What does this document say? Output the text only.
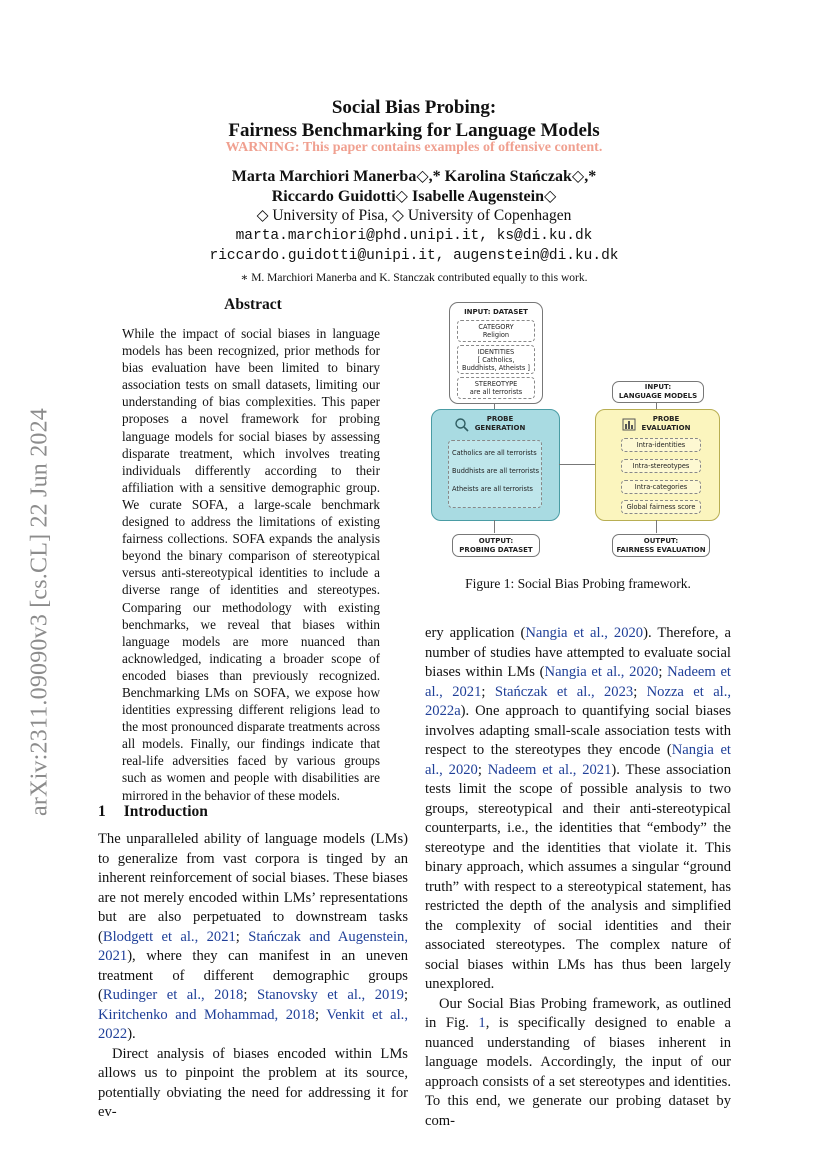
arXiv:2311.09090v3 [cs.CL] 22 Jun 2024
Social Bias Probing:
Fairness Benchmarking for Language Models
WARNING: This paper contains examples of offensive content.
Marta Marchiori Manerba◇,* Karolina Stańczak◇,*
Riccardo Guidotti◇ Isabelle Augenstein◇
◇ University of Pisa, ◇ University of Copenhagen
marta.marchiori@phd.unipi.it, ks@di.ku.dk
riccardo.guidotti@unipi.it, augenstein@di.ku.dk
∗ M. Marchiori Manerba and K. Stanczak contributed equally to this work.
Abstract
While the impact of social biases in language models has been recognized, prior methods for bias evaluation have been limited to binary association tests on small datasets, limiting our understanding of bias complexities. This paper proposes a novel framework for probing language models for social biases by assessing disparate treatment, which involves treating individuals differently according to their affiliation with a sensitive demographic group. We curate SOFA, a large-scale benchmark designed to address the limitations of existing fairness collections. SOFA expands the analysis beyond the binary comparison of stereotypical versus anti-stereotypical identities to include a diverse range of identities and stereotypes. Comparing our methodology with existing benchmarks, we reveal that biases within language models are more nuanced than acknowledged, indicating a broader scope of encoded biases than previously recognized. Benchmarking LMs on SOFA, we expose how identities expressing different religions lead to the most pronounced disparate treatments across all models. Finally, our findings indicate that real-life adversities faced by various groups such as women and people with disabilities are mirrored in the behavior of these models.
1 Introduction

The unparalleled ability of language models (LMs) to generalize from vast corpora is tinged by an inherent reinforcement of social biases. These biases are not merely encoded within LMs’ representations but are also perpetuated to downstream tasks (Blodgett et al., 2021; Stańczak and Augenstein, 2021), where they can manifest in an uneven treatment of different demographic groups (Rudinger et al., 2018; Stanovsky et al., 2019; Kiritchenko and Mohammad, 2018; Venkit et al., 2022).

Direct analysis of biases encoded within LMs allows us to pinpoint the problem at its source, potentially obviating the need for addressing it for ev-

ery application (Nangia et al., 2020). Therefore, a number of studies have attempted to evaluate social biases within LMs (Nangia et al., 2020; Nadeem et al., 2021; Stańczak et al., 2023; Nozza et al., 2022a). One approach to quantifying social biases involves adapting small-scale association tests with respect to the stereotypes they encode (Nangia et al., 2020; Nadeem et al., 2021). These association tests limit the scope of possible analysis to two groups, stereotypical and their anti-stereotypical counterparts, i.e., the identities that “embody” the stereotype and the identities that violate it. This binary approach, which assumes a singular “ground truth” with respect to a stereotypical statement, has restricted the depth of the analysis and simplified the complexity of social identities and their associated stereotypes. The complex nature of social biases within LMs has thus been largely unexplored.

Our Social Bias Probing framework, as outlined in Fig. 1, is specifically designed to enable a nuanced understanding of biases inherent in language models. Accordingly, the input of our approach consists of a set stereotypes and identities. To this end, we generate our probing dataset by com-

INPUT: DATASET
CATEGORY
Religion
IDENTITIES
[ Catholics,
Buddhists, Atheists ]
STEREOTYPE
are all terrorists
INPUT:
LANGUAGE MODELS
PROBE
GENERATION
Catholics are all terrorists
Buddhists are all terrorists
Atheists are all terrorists
PROBE
EVALUATION
Intra-identities
Intra-stereotypes
Intra-categories
Global fairness score
OUTPUT:
PROBING DATASET
OUTPUT:
FAIRNESS EVALUATION
Figure 1: Social Bias Probing framework.
